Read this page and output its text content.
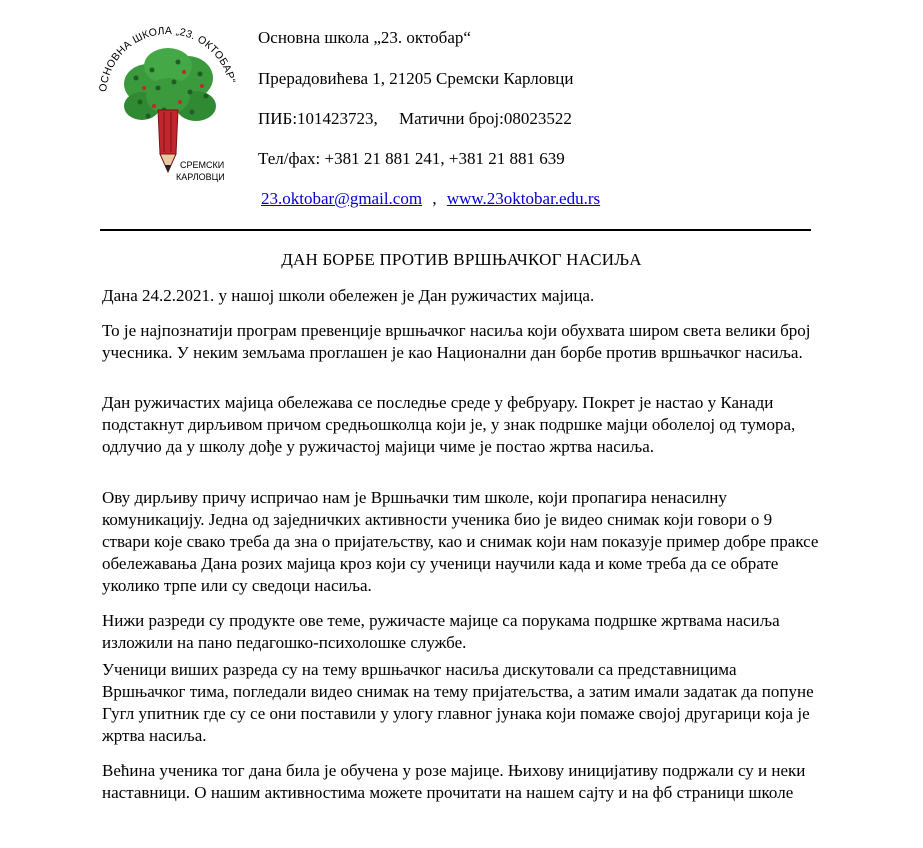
ОСНОВНА ШКОЛА „23. ОКТОБАР“
СРЕМСКИ
КАРЛОВЦИ
Основна школа „23. октобар“
Прерадовићева 1, 21205 Сремски Карловци
ПИБ:101423723,     Матични број:08023522
Тел/фах: +381 21 881 241, +381 21 881 639
23.oktobar@gmail.com , www.23oktobar.edu.rs
ДАН БОРБЕ ПРОТИВ ВРШЊАЧКОГ НАСИЉА

Дана 24.2.2021. у нашој школи обележен је Дан ружичастих мајица.

То је најпознатији програм превенције вршњачког насиља који обухвата широм света велики број учесника. У неким земљама проглашен је као Национални дан борбе против вршњачког насиља.

Дан ружичастих мајица обележава се последње среде у фебруару. Покрет је настао у Канади подстакнут дирљивом причом средњошколца који је, у знак подршке мајци оболелој од тумора, одлучио да у школу дође у ружичастој мајици чиме је постао жртва насиља.

Ову дирљиву причу испричао нам је Вршњачки тим школе, који пропагира ненасилну комуникацију. Једна од заједничких активности ученика био је видео снимак који говори о 9 ствари које свако треба да зна о пријатељству, као и снимак који нам показује пример добре праксе обележавања Дана розих мајица кроз који су ученици научили када и коме треба да се обрате уколико трпе или су сведоци насиља.

Нижи разреди су продукте ове теме, ружичасте мајице са порукама подршке жртвама насиља изложили на пано педагошко-психолошке службе.

Ученици виших разреда су на тему вршњачког насиља дискутовали са представницима Вршњачког тима, погледали видео снимак на тему пријатељства, а затим имали задатак да попуне Гугл упитник где су се они поставили у улогу главног јунака који помаже својој другарици која је жртва насиља.

Већина ученика тог дана била је обучена у розе мајице. Њихову иницијативу подржали су и неки наставници. О нашим активностима можете прочитати на нашем сајту и на фб страници школе
